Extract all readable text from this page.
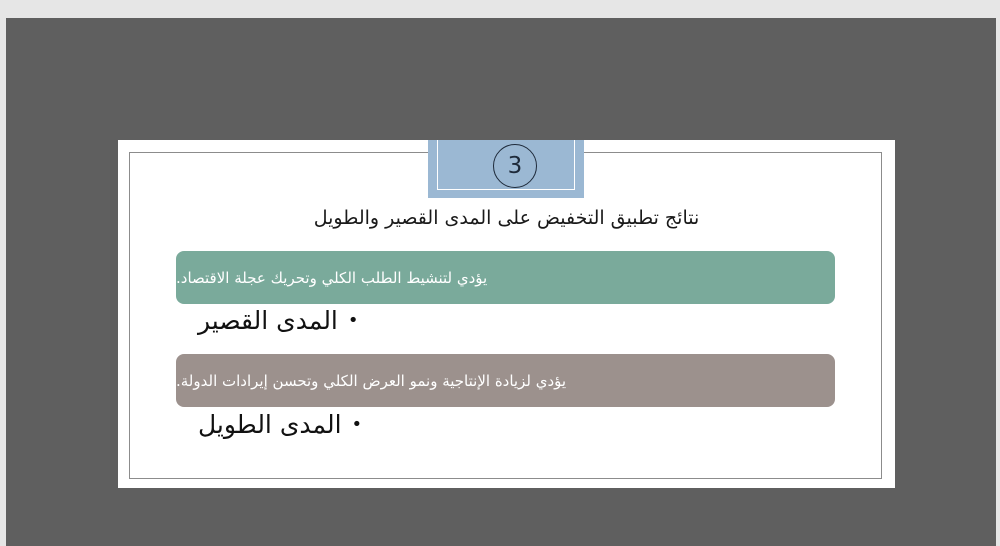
3
نتائج تطبيق التخفيض على المدى القصير والطويل
يؤدي لتنشيط الطلب الكلي وتحريك عجلة الاقتصاد.
•
المدى القصير
يؤدي لزيادة الإنتاجية ونمو العرض الكلي وتحسن إيرادات الدولة.
•
المدى الطويل
